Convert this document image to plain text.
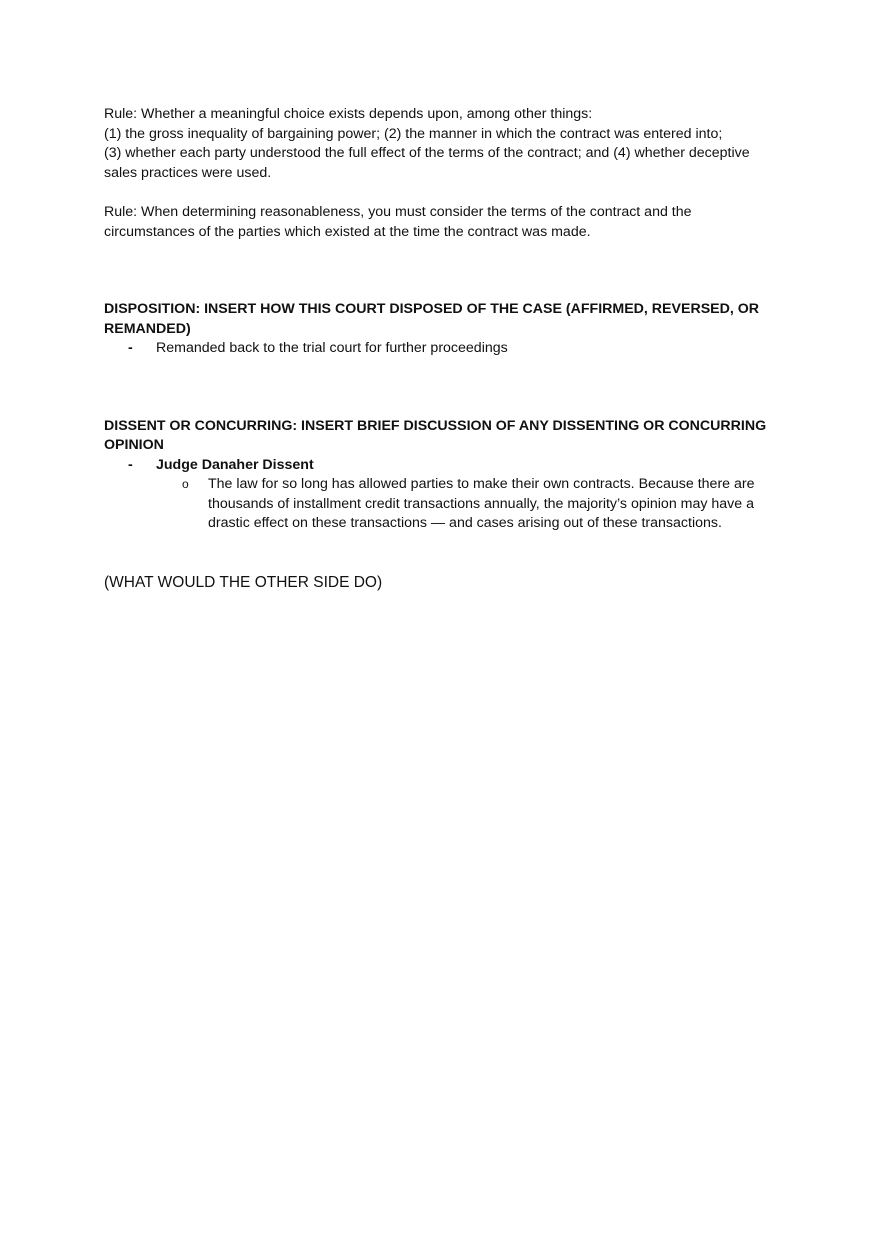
Rule: Whether a meaningful choice exists depends upon, among other things:

(1) the gross inequality of bargaining power; (2) the manner in which the contract was entered into;

(3) whether each party understood the full effect of the terms of the contract; and (4) whether deceptive sales practices were used.

Rule: When determining reasonableness, you must consider the terms of the contract and the circumstances of the parties which existed at the time the contract was made.

DISPOSITION: INSERT HOW THIS COURT DISPOSED OF THE CASE (AFFIRMED, REVERSED, OR REMANDED)

-	Remanded back to the trial court for further proceedings

DISSENT OR CONCURRING: INSERT BRIEF DISCUSSION OF ANY DISSENTING OR CONCURRING OPINION

-	Judge Danaher Dissent
o	The law for so long has allowed parties to make their own contracts. Because there are thousands of installment credit transactions annually, the majority’s opinion may have a drastic effect on these transactions — and cases arising out of these transactions.

(WHAT WOULD THE OTHER SIDE DO)
